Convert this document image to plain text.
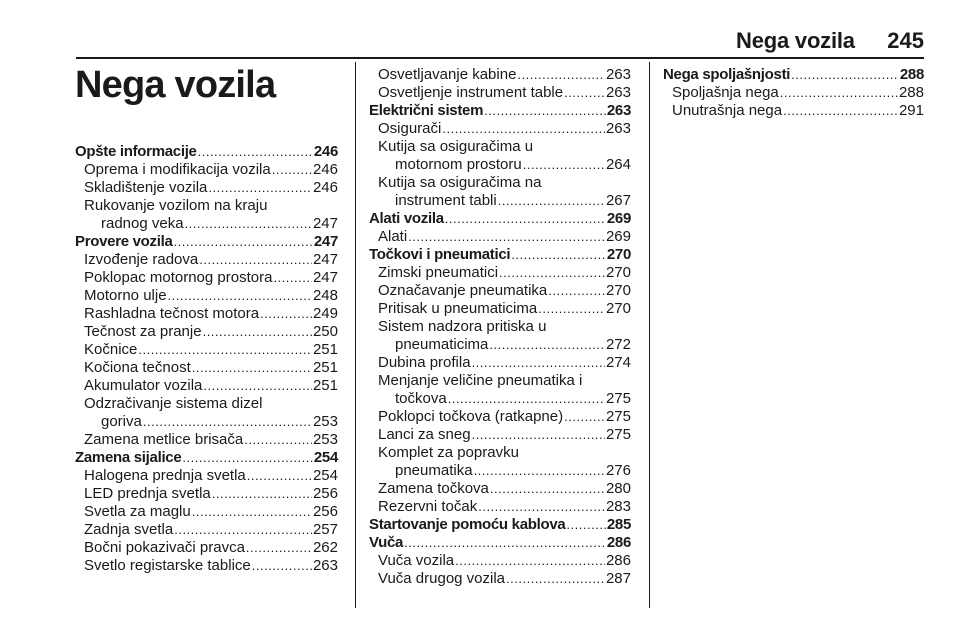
Nega vozila 245
Nega vozila
Opšte informacije .....	246
Oprema i modifikacija vozila .....	246
Skladištenje vozila .....	246
Rukovanje vozilom na kraju
radnog veka .....	247
Provere vozila .....	247
Izvođenje radova .....	247
Poklopac motornog prostora .....	247
Motorno ulje .....	248
Rashladna tečnost motora .....	249
Tečnost za pranje .....	250
Kočnice .....	251
Kočiona tečnost .....	251
Akumulator vozila .....	251
Odzračivanje sistema dizel
goriva .....	253
Zamena metlice brisača .....	253
Zamena sijalice .....	254
Halogena prednja svetla .....	254
LED prednja svetla .....	256
Svetla za maglu .....	256
Zadnja svetla .....	257
Bočni pokazivači pravca .....	262
Svetlo registarske tablice .....	263
Osvetljavanje kabine .....	263
Osvetljenje instrument table .....	263
Električni sistem .....	263
Osigurači .....	263
Kutija sa osiguračima u
motornom prostoru .....	264
Kutija sa osiguračima na
instrument tabli .....	267
Alati vozila .....	269
Alati .....	269
Točkovi i pneumatici .....	270
Zimski pneumatici .....	270
Označavanje pneumatika .....	270
Pritisak u pneumaticima .....	270
Sistem nadzora pritiska u
pneumaticima .....	272
Dubina profila .....	274
Menjanje veličine pneumatika i
točkova .....	275
Poklopci točkova (ratkapne) .....	275
Lanci za sneg .....	275
Komplet za popravku
pneumatika .....	276
Zamena točkova .....	280
Rezervni točak .....	283
Startovanje pomoću kablova .....	285
Vuča .....	286
Vuča vozila .....	286
Vuča drugog vozila .....	287
Nega spoljašnjosti .....	288
Spoljašnja nega .....	288
Unutrašnja nega .....	291
